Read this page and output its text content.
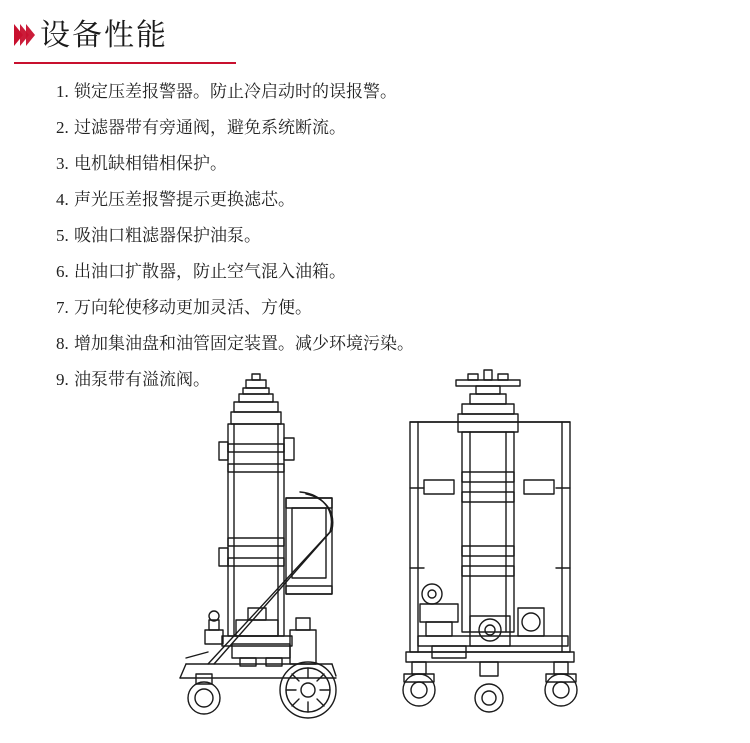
设备性能
1. 锁定压差报警器。防止冷启动时的误报警。
2. 过滤器带有旁通阀，避免系统断流。
3. 电机缺相错相保护。
4. 声光压差报警提示更换滤芯。
5. 吸油口粗滤器保护油泵。
6. 出油口扩散器，防止空气混入油箱。
7. 万向轮使移动更加灵活、方便。
8. 增加集油盘和油管固定装置。减少环境污染。
9. 油泵带有溢流阀。
